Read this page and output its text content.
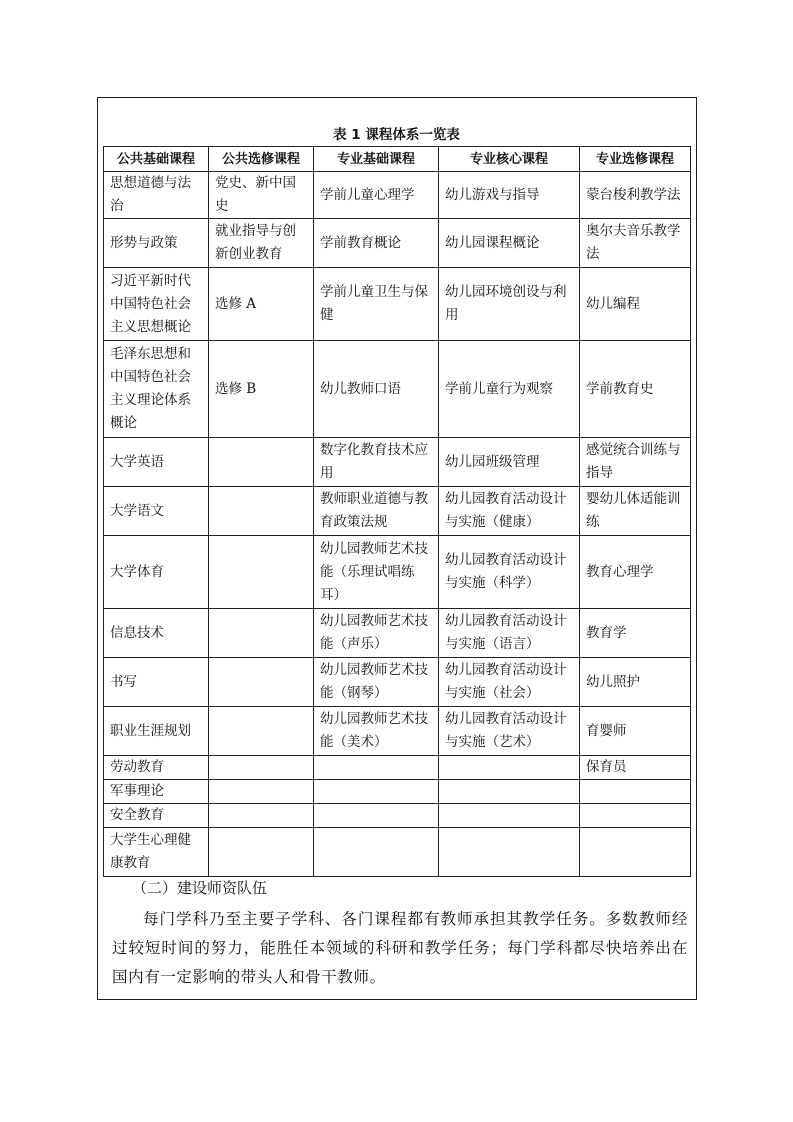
表 1 课程体系一览表
公共基础课程	公共选修课程	专业基础课程	专业核心课程	专业选修课程
思想道德与法治	党史、新中国史	学前儿童心理学	幼儿游戏与指导	蒙台梭利教学法
形势与政策	就业指导与创新创业教育	学前教育概论	幼儿园课程概论	奥尔夫音乐教学法
习近平新时代中国特色社会主义思想概论	选修 A	学前儿童卫生与保健	幼儿园环境创设与利用	幼儿编程
毛泽东思想和中国特色社会主义理论体系概论	选修 B	幼儿教师口语	学前儿童行为观察	学前教育史
大学英语		数字化教育技术应用	幼儿园班级管理	感觉统合训练与指导
大学语文		教师职业道德与教育政策法规	幼儿园教育活动设计与实施（健康）	婴幼儿体适能训练
大学体育		幼儿园教师艺术技能（乐理试唱练耳）	幼儿园教育活动设计与实施（科学）	教育心理学
信息技术		幼儿园教师艺术技能（声乐）	幼儿园教育活动设计与实施（语言）	教育学
书写		幼儿园教师艺术技能（钢琴）	幼儿园教育活动设计与实施（社会）	幼儿照护
职业生涯规划		幼儿园教师艺术技能（美术）	幼儿园教育活动设计与实施（艺术）	育婴师
劳动教育				保育员
军事理论				
安全教育				
大学生心理健康教育				
（二）建设师资队伍
每门学科乃至主要子学科、各门课程都有教师承担其教学任务。多数教师经过较短时间的努力，能胜任本领域的科研和教学任务；每门学科都尽快培养出在国内有一定影响的带头人和骨干教师。
